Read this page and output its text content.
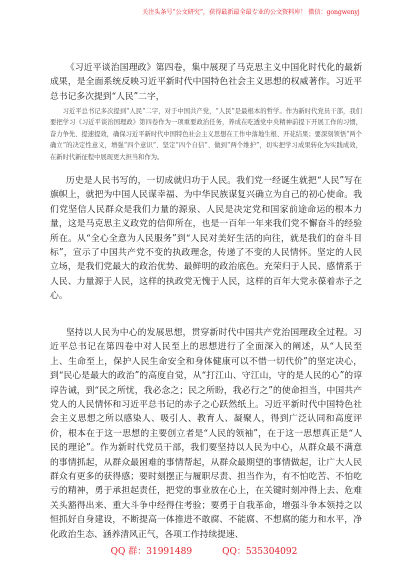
关注头条号“公文研究”，获得最新最全最专业的公文资料库！ 微信：gongwenyj

《习近平谈治国理政》第四卷，集中展现了马克思主义中国化时代化的最新成果，是全面系统反映习近平新时代中国特色社会主义思想的权威著作。习近平总书记多次提到“人民”二字，

习近平总书记多次提到“人民”二字，对于中国共产党，“人民”是最根本的哲学。作为新时代党员干部，我们要把学习《习近平谈治国理政》第四卷作为一项重要政治任务，养成在吃透党中央精神前提下开展工作的习惯，奋力争先、提速提效，确保习近平新时代中国特色社会主义思想在工作中落地生根、开花结果；要深刻领悟“两个确立”的决定性意义，增强“四个意识”、坚定“四个自信”、做到“两个维护”，切实把学习成果转化为实践成效，在新时代新征程中展现更大担当和作为。

历史是人民书写的，一切成就归功于人民。我们党一经诞生就把“人民”写在旗帜上，就把为中国人民谋幸福、为中华民族谋复兴确立为自己的初心使命。我们党坚信人民群众是我们力量的源泉、人民是决定党和国家前途命运的根本力量，这是马克思主义政党的信仰所在，也是一百年一年来我们党不懈奋斗的经验所在。从“全心全意为人民服务”到“人民对美好生活的向往，就是我们的奋斗目标”，宣示了中国共产党不变的执政理念，传递了不变的人民情怀。坚定的人民立场，是我们党最大的政治优势、最鲜明的政治底色。充荣归于人民、感情系于人民、力量源于人民，这样的执政党无愧于人民，这样的百年大党永葆着赤子之心。

坚持以人民为中心的发展思想，贯穿新时代中国共产党治国理政全过程。习近平总书记在第四卷中对人民至上的思想进行了全面深入的阐述，从“人民至上、生命至上，保护人民生命安全和身体健康可以不惜一切代价”的坚定决心，到“民心是最大的政治”的高度自觉，从“打江山、守江山，守的是人民的心”的谆谆告诫，到“民之所忧，我必念之；民之所盼，我必行之”的使命担当，中国共产党人的人民情怀和习近平总书记的赤子之心跃然纸上。习近平新时代中国特色社会主义思想之所以感染人、吸引人、教育人、凝聚人，得到广泛认同和高度评价，根本在于这一思想的主要创立者是“人民的领袖”，在于这一思想真正是“人民的理论”。作为新时代党员干部，我们要坚持以人民为中心，从群众最不满意的事情抓起，从群众最困难的事情帮起，从群众最期望的事情做起，让广大人民群众有更多的获得感；要时刻摆正与履职尽责、担当作为，有不怕吃苦、不怕吃亏的精神，勇于承担起责任，把党的事业放在心上，在关键时刻冲得上去、危难关头豁得出来、重大斗争中经得住考验；要勇于自我革命，增强斗争本领持之以恒抓好自身建设，不断提高一体推进不敢腐、不能腐、不想腐的能力和水平，净化政治生态、涵养清风正气，各项工作持续提速、

QQ 群：31991489	QQ：535304092
